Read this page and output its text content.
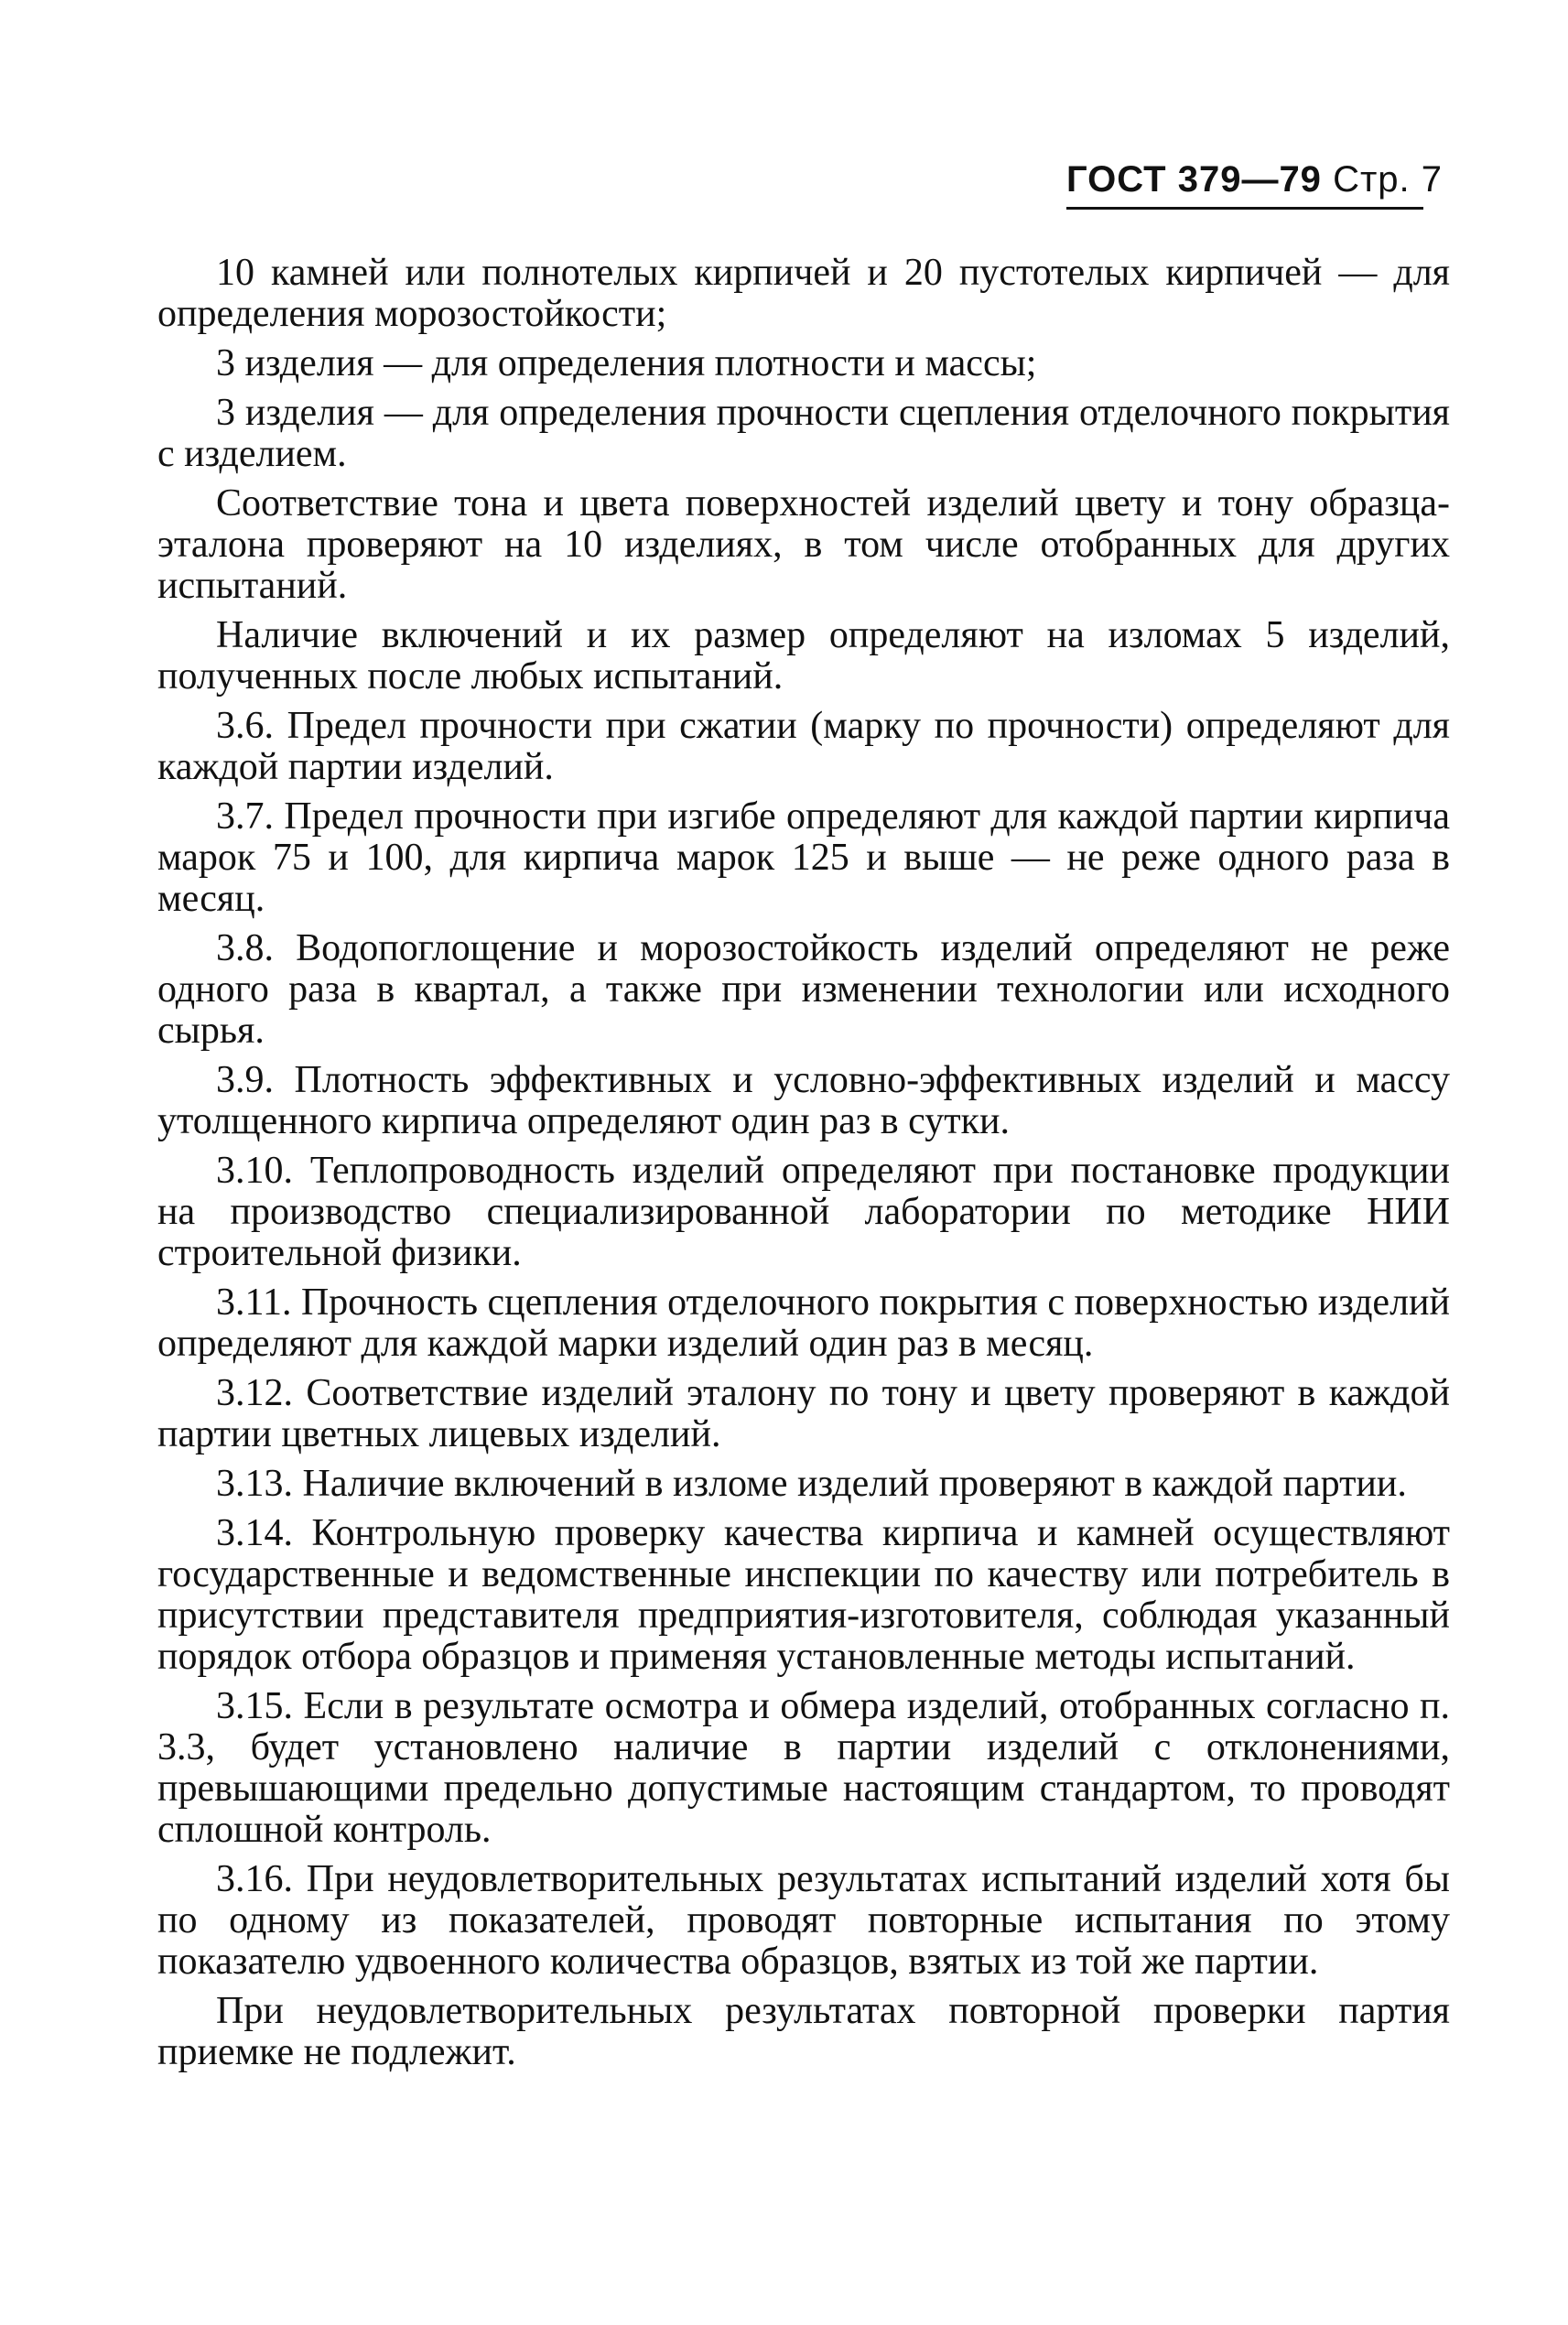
ГОСТ 379—79 Стр. 7

10 камней или полнотелых кирпичей и 20 пустотелых кирпичей — для определения морозостойкости;

3 изделия — для определения плотности и массы;

3 изделия — для определения прочности сцепления отделочного покрытия с изделием.

Соответствие тона и цвета поверхностей изделий цвету и тону образца-эталона проверяют на 10 изделиях, в том числе отобранных для других испытаний.

Наличие включений и их размер определяют на изломах 5 изделий, полученных после любых испытаний.

3.6. Предел прочности при сжатии (марку по прочности) определяют для каждой партии изделий.

3.7. Предел прочности при изгибе определяют для каждой партии кирпича марок 75 и 100, для кирпича марок 125 и выше — не реже одного раза в месяц.

3.8. Водопоглощение и морозостойкость изделий определяют не реже одного раза в квартал, а также при изменении технологии или исходного сырья.

3.9. Плотность эффективных и условно-эффективных изделий и массу утолщенного кирпича определяют один раз в сутки.

3.10. Теплопроводность изделий определяют при постановке продукции на производство специализированной лаборатории по методике НИИ строительной физики.

3.11. Прочность сцепления отделочного покрытия с поверхностью изделий определяют для каждой марки изделий один раз в месяц.

3.12. Соответствие изделий эталону по тону и цвету проверяют в каждой партии цветных лицевых изделий.

3.13. Наличие включений в изломе изделий проверяют в каждой партии.

3.14. Контрольную проверку качества кирпича и камней осуществляют государственные и ведомственные инспекции по качеству или потребитель в присутствии представителя предприятия-изготовителя, соблюдая указанный порядок отбора образцов и применяя установленные методы испытаний.

3.15. Если в результате осмотра и обмера изделий, отобранных согласно п. 3.3, будет установлено наличие в партии изделий с отклонениями, превышающими предельно допустимые настоящим стандартом, то проводят сплошной контроль.

3.16. При неудовлетворительных результатах испытаний изделий хотя бы по одному из показателей, проводят повторные испытания по этому показателю удвоенного количества образцов, взятых из той же партии.

При неудовлетворительных результатах повторной проверки партия приемке не подлежит.
